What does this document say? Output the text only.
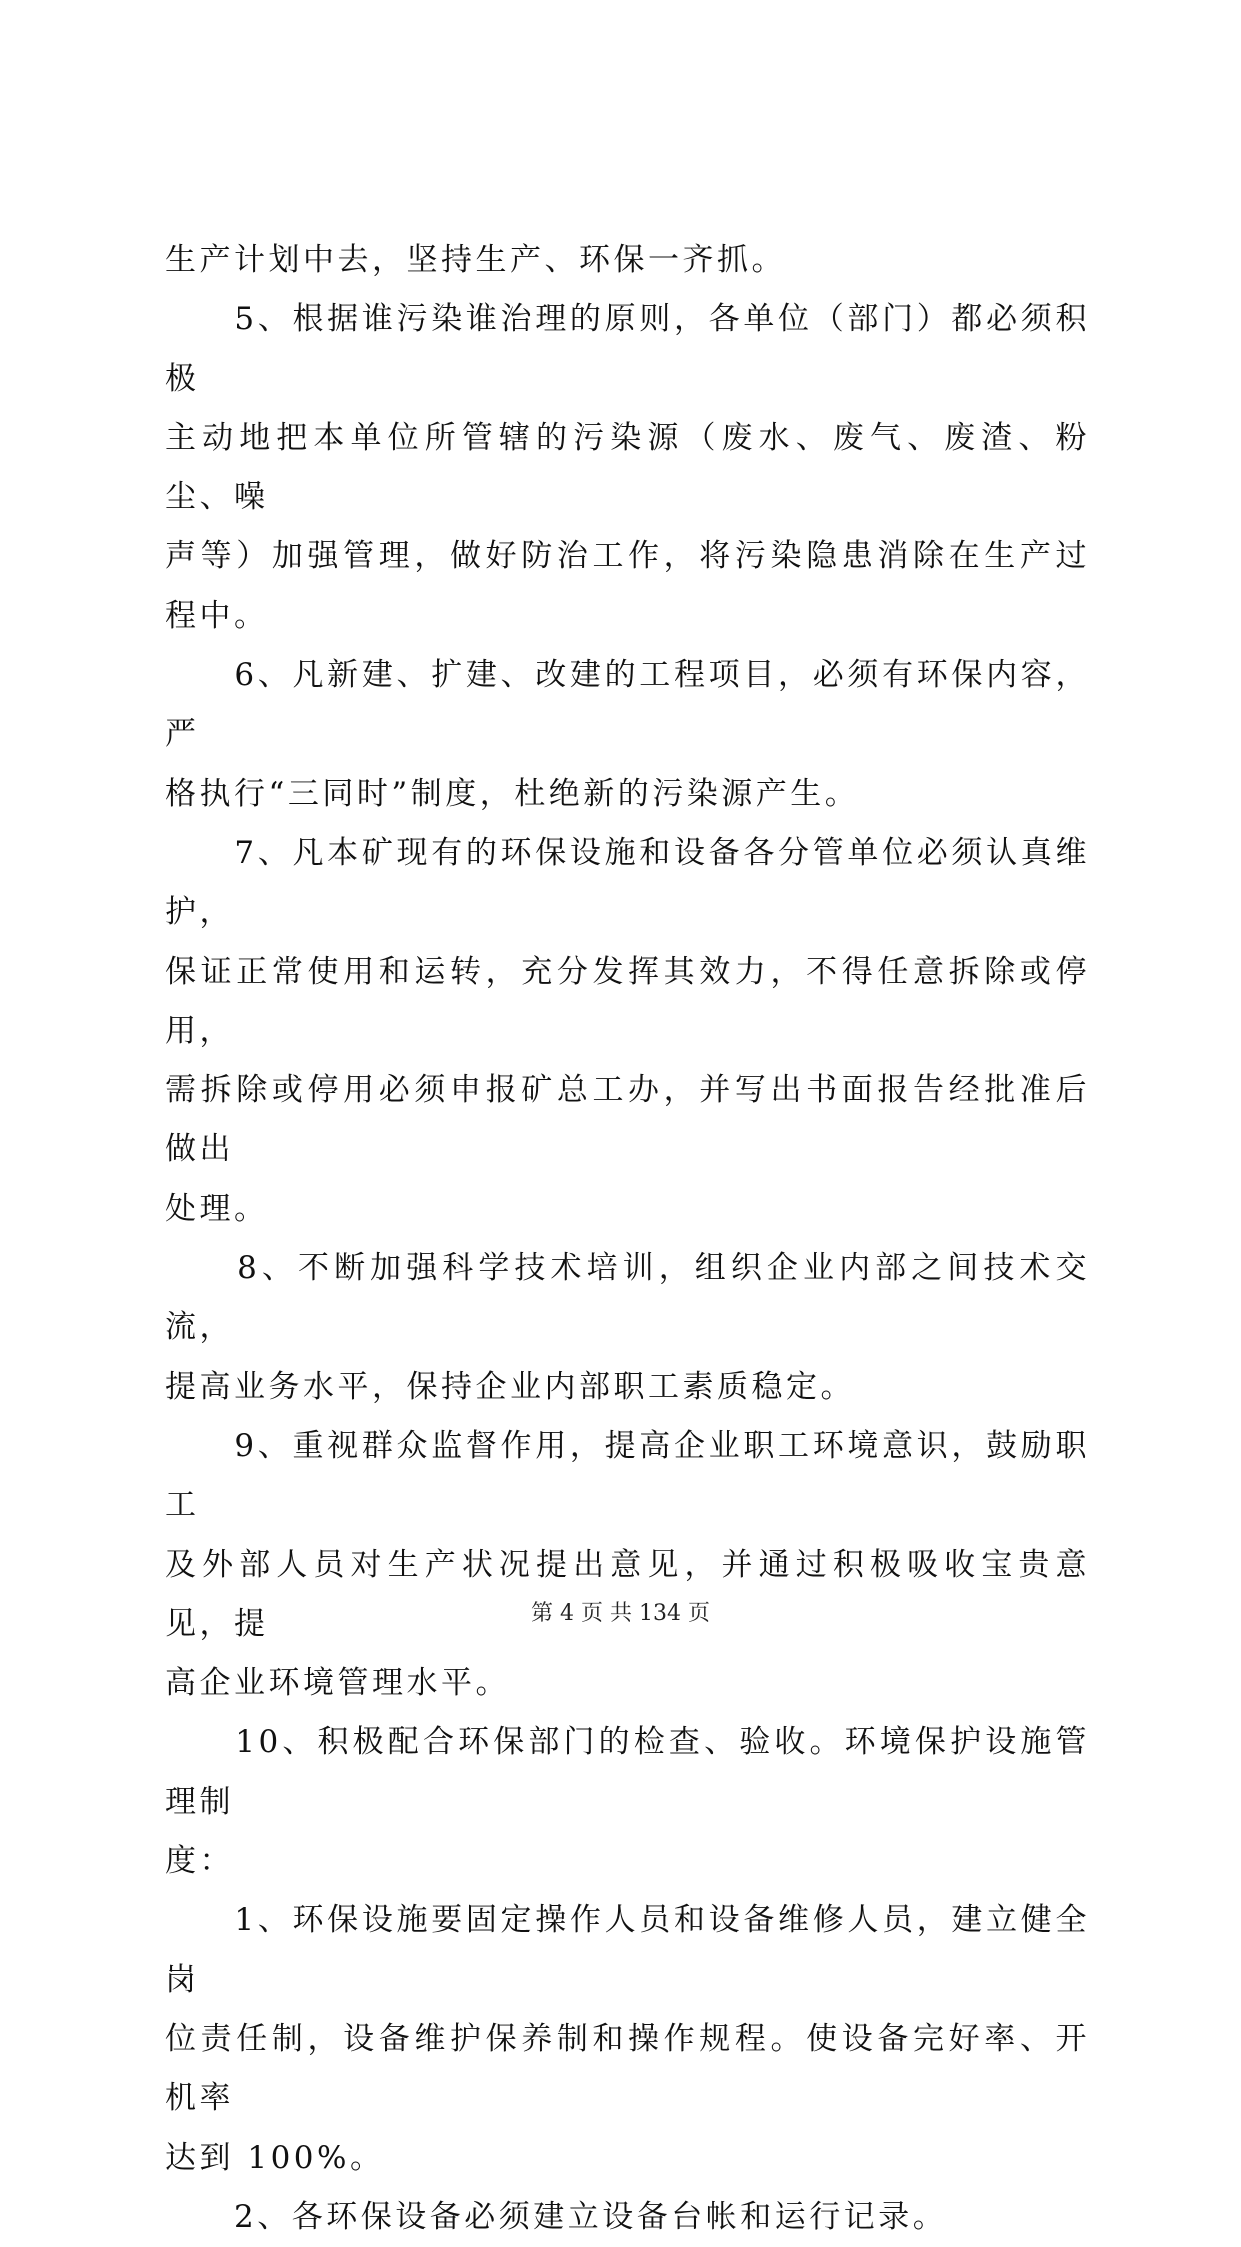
生产计划中去，坚持生产、环保一齐抓。

　　5、根据谁污染谁治理的原则，各单位（部门）都必须积极
主动地把本单位所管辖的污染源（废水、废气、废渣、粉尘、噪
声等）加强管理，做好防治工作，将污染隐患消除在生产过程中。

　　6、凡新建、扩建、改建的工程项目，必须有环保内容，严
格执行“三同时”制度，杜绝新的污染源产生。

　　7、凡本矿现有的环保设施和设备各分管单位必须认真维护，
保证正常使用和运转，充分发挥其效力，不得任意拆除或停用，
需拆除或停用必须申报矿总工办，并写出书面报告经批准后做出
处理。

　　8、不断加强科学技术培训，组织企业内部之间技术交流，
提高业务水平，保持企业内部职工素质稳定。

　　9、重视群众监督作用，提高企业职工环境意识，鼓励职工
及外部人员对生产状况提出意见，并通过积极吸收宝贵意见，提
高企业环境管理水平。

　　10、积极配合环保部门的检查、验收。环境保护设施管理制
度：

　　1、环保设施要固定操作人员和设备维修人员，建立健全岗
位责任制，设备维护保养制和操作规程。使设备完好率、开机率
达到 100%。

　　2、各环保设备必须建立设备台帐和运行记录。

第 4 页 共 134 页
